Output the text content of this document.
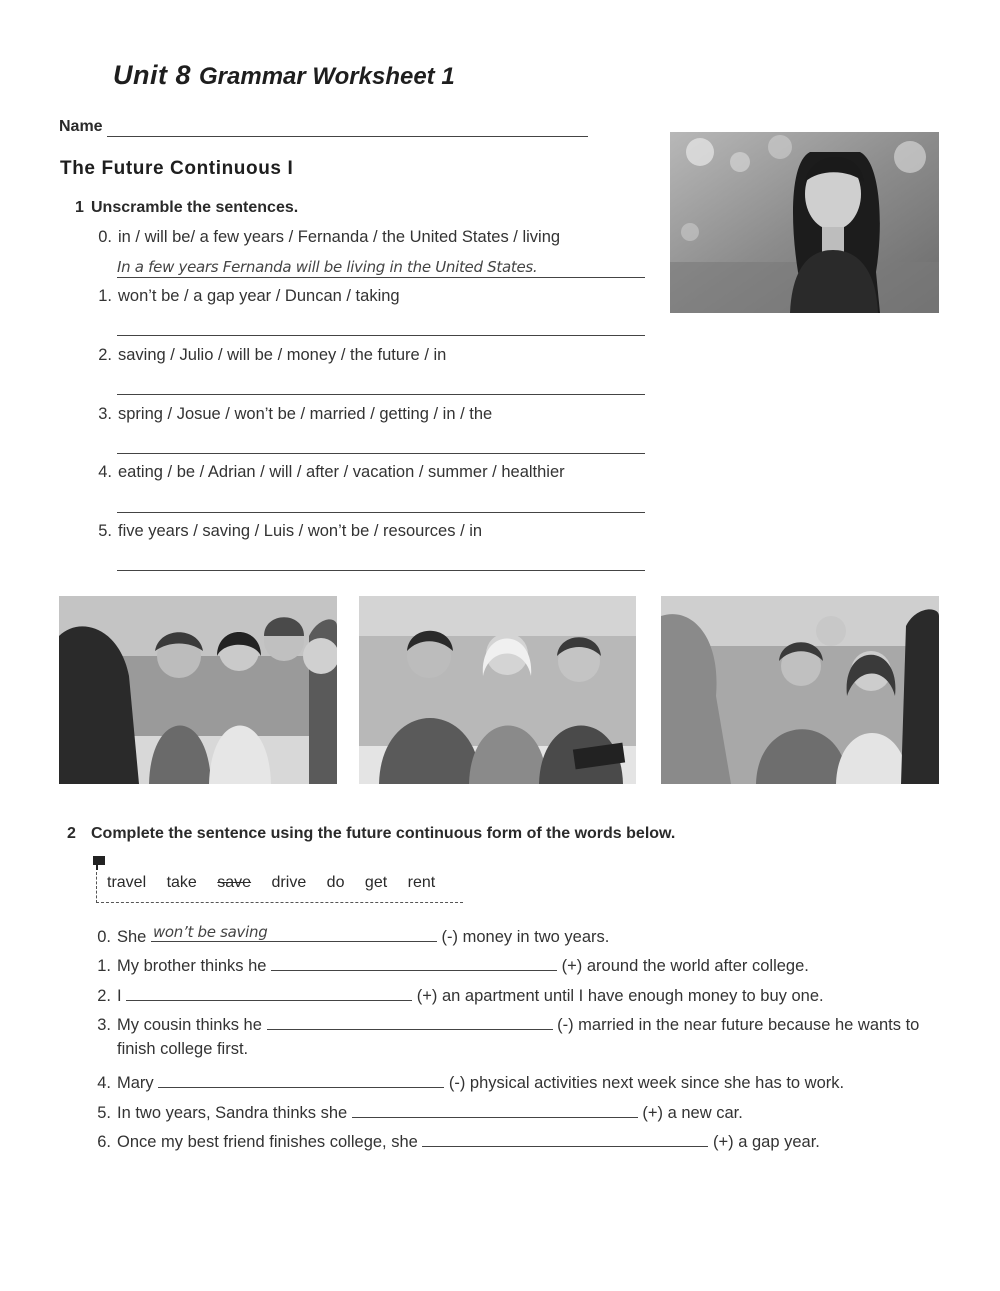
Unit 8 Grammar Worksheet 1
Name
The Future Continuous I
1 Unscramble the sentences.
0. in / will be/ a few years / Fernanda / the United States / living
In a few years Fernanda will be living in the United States.
1. won’t be / a gap year / Duncan / taking
2. saving / Julio / will be / money / the future / in
3. spring / Josue / won’t be / married / getting / in / the
4. eating / be / Adrian / will / after / vacation / summer / healthier
5. five years / saving / Luis / won’t be / resources / in
2 Complete the sentence using the future continuous form of the words below.
travel take save drive do get rent
0. She won’t be saving	(-) money in two years.
1. My brother thinks he	(+) around the world after college.
2. I	(+) an apartment until I have enough money to buy one.
3. My cousin thinks he	(-) married in the near future because he wants to
finish college first.
4. Mary	(-) physical activities next week since she has to work.
5. In two years, Sandra thinks she	(+) a new car.
6. Once my best friend finishes college, she	(+) a gap year.
